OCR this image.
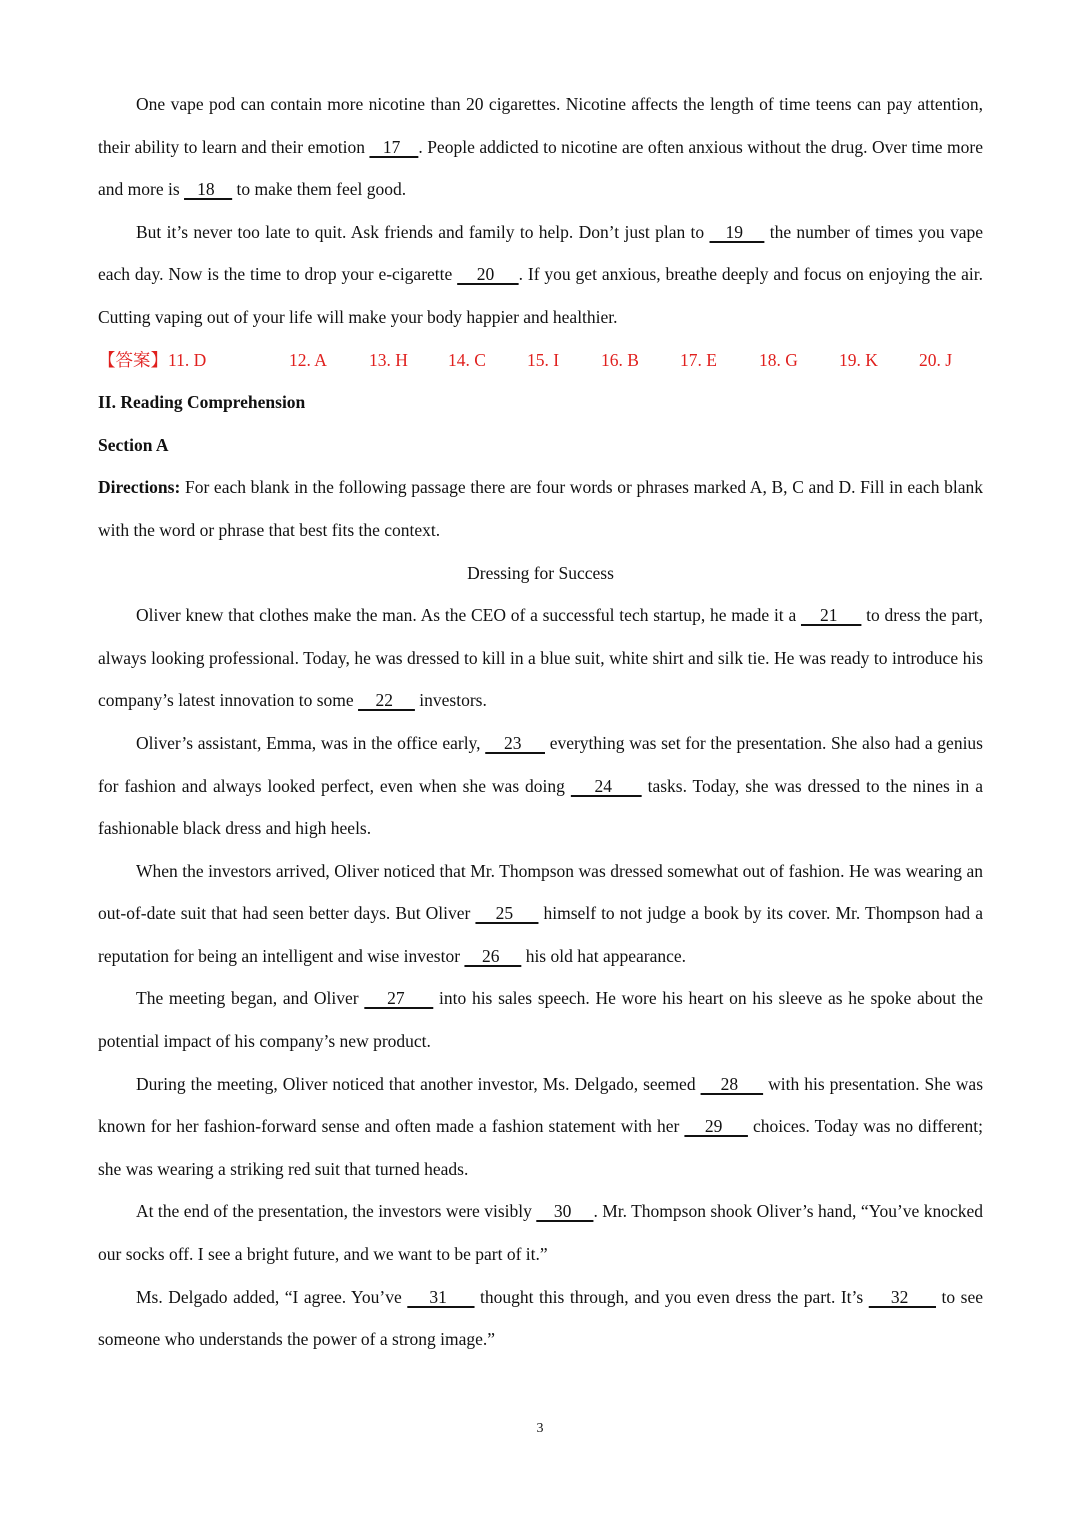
One vape pod can contain more nicotine than 20 cigarettes. Nicotine affects the length of time teens can pay attention, their ability to learn and their emotion    17    . People addicted to nicotine are often anxious without the drug. Over time more and more is    18     to make them feel good.

But it’s never too late to quit. Ask friends and family to help. Don’t just plan to    19     the number of times you vape each day. Now is the time to drop your e-cigarette     20     . If you get anxious, breathe deeply and focus on enjoying the air. Cutting vaping out of your life will make your body happier and healthier.

【答案】11. D	12. A 13. H 14. C 15. I 16. B 17. E 18. G 19. K 20. J

II. Reading Comprehension

Section A

Directions: For each blank in the following passage there are four words or phrases marked A, B, C and D. Fill in each blank with the word or phrase that best fits the context.

Dressing for Success

Oliver knew that clothes make the man. As the CEO of a successful tech startup, he made it a     21      to dress the part, always looking professional. Today, he was dressed to kill in a blue suit, white shirt and silk tie. He was ready to introduce his company’s latest innovation to some     22      investors.

Oliver’s assistant, Emma, was in the office early,     23      everything was set for the presentation. She also had a genius for fashion and always looked perfect, even when she was doing     24      tasks. Today, she was dressed to the nines in a fashionable black dress and high heels.

When the investors arrived, Oliver noticed that Mr. Thompson was dressed somewhat out of fashion. He was wearing an out-of-date suit that had seen better days. But Oliver     25      himself to not judge a book by its cover. Mr. Thompson had a reputation for being an intelligent and wise investor     26      his old hat appearance.

The meeting began, and Oliver     27      into his sales speech. He wore his heart on his sleeve as he spoke about the potential impact of his company’s new product.

During the meeting, Oliver noticed that another investor, Ms. Delgado, seemed     28      with his presentation. She was known for her fashion-forward sense and often made a fashion statement with her     29      choices. Today was no different; she was wearing a striking red suit that turned heads.

At the end of the presentation, the investors were visibly     30     . Mr. Thompson shook Oliver’s hand, “You’ve knocked our socks off. I see a bright future, and we want to be part of it.”

Ms. Delgado added, “I agree. You’ve     31      thought this through, and you even dress the part. It’s     32      to see someone who understands the power of a strong image.”

3
